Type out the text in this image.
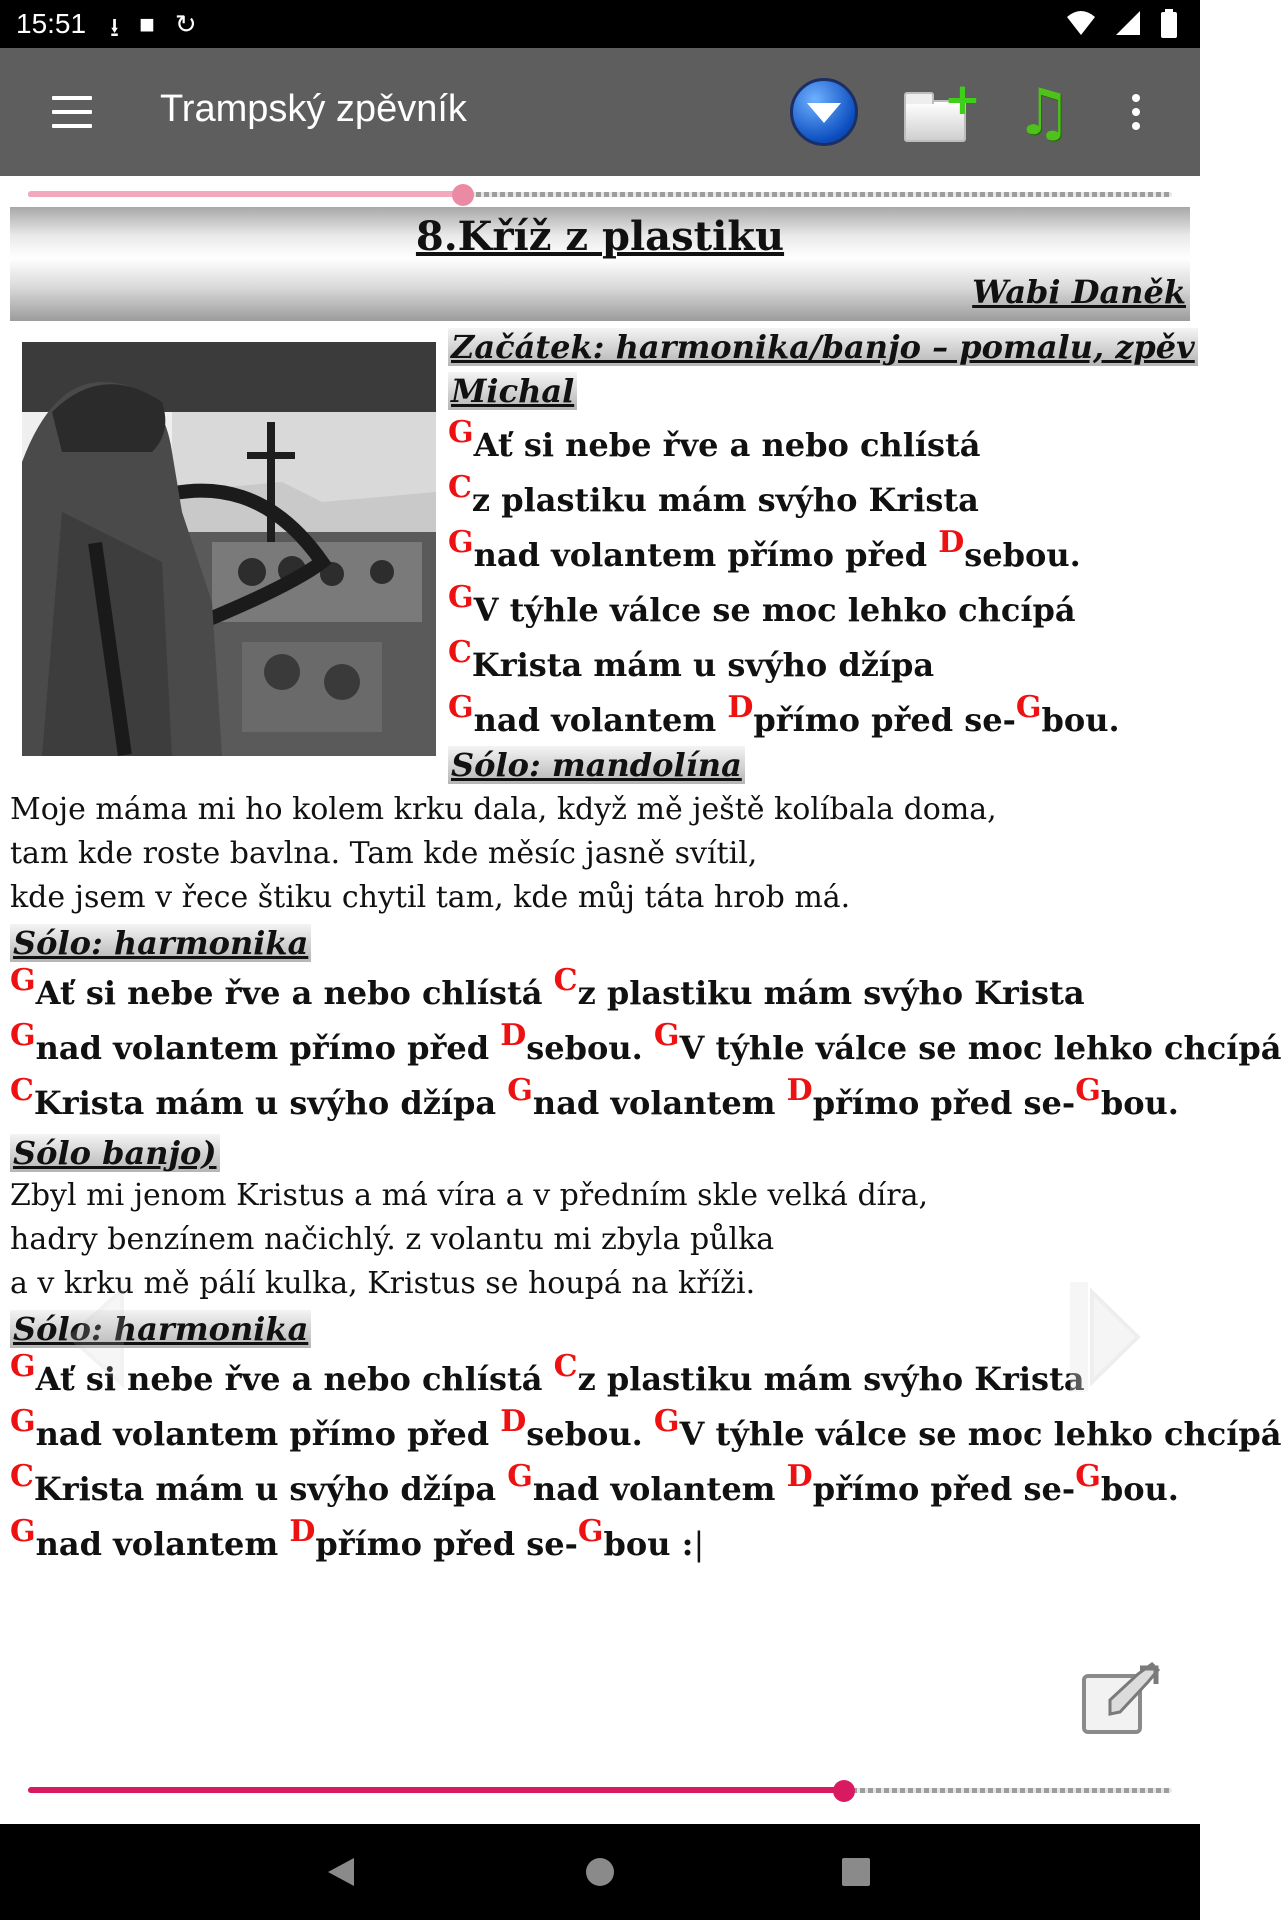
15:51 ⭳ ■ ↻
Trampský zpěvník	+ ♫
8.Kříž z plastiku
Wabi Daněk
Začátek: harmonika/banjo – pomalu, zpěv
Michal
GAť si nebe řve a nebo chlístá
Cz plastiku mám svýho Krista
Gnad volantem přímo před Dsebou.
GV týhle válce se moc lehko chcípá
CKrista mám u svýho džípa
Gnad volantem Dpřímo před se-Gbou.
Sólo: mandolína
Moje máma mi ho kolem krku dala, když mě ještě kolíbala doma,
tam kde roste bavlna. Tam kde měsíc jasně svítil,
kde jsem v řece štiku chytil tam, kde můj táta hrob má.
Sólo: harmonika
GAť si nebe řve a nebo chlístá Cz plastiku mám svýho Krista
Gnad volantem přímo před Dsebou. GV týhle válce se moc lehko chcípá
CKrista mám u svýho džípa Gnad volantem Dpřímo před se-Gbou.
Sólo banjo)
Zbyl mi jenom Kristus a má víra a v předním skle velká díra,
hadry benzínem načichlý. z volantu mi zbyla půlka
a v krku mě pálí kulka, Kristus se houpá na kříži.
Sólo: harmonika
GAť si nebe řve a nebo chlístá Cz plastiku mám svýho Krista
Gnad volantem přímo před Dsebou. GV týhle válce se moc lehko chcípá
CKrista mám u svýho džípa Gnad volantem Dpřímo před se-Gbou.
Gnad volantem Dpřímo před se-Gbou :|
